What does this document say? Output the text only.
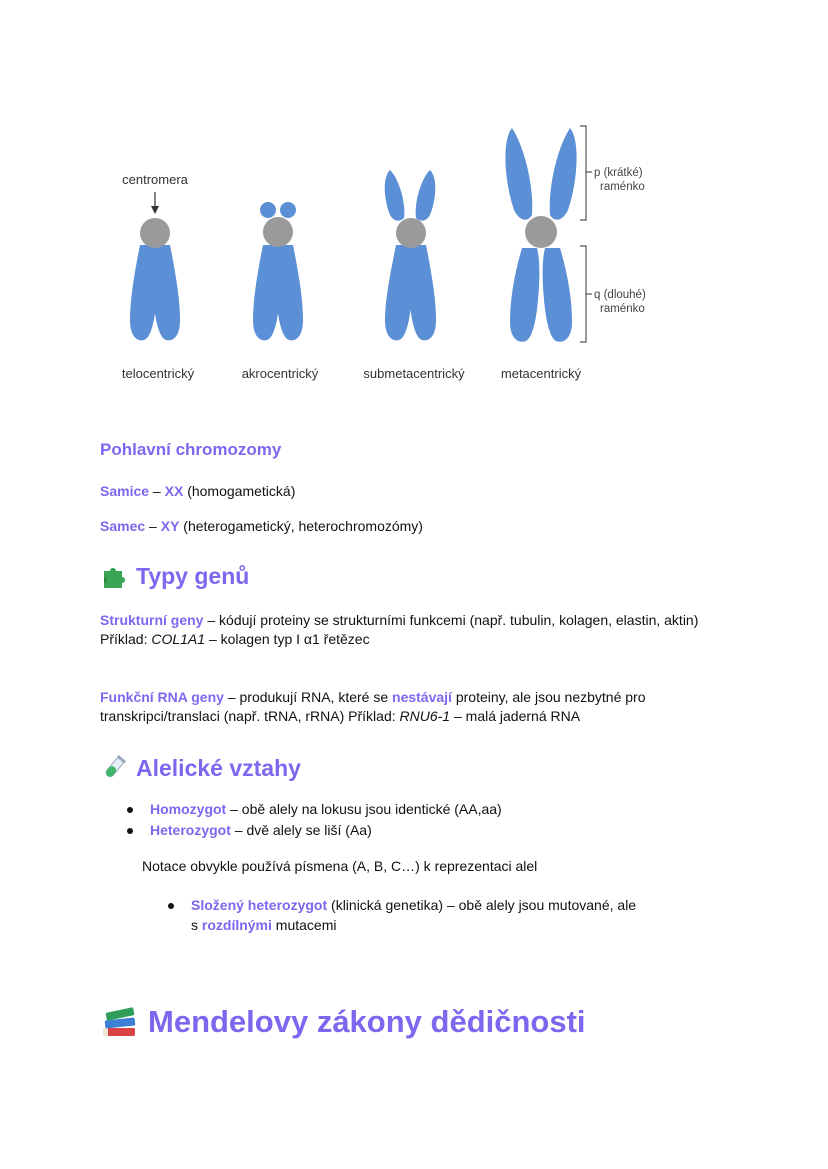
centromera	p (krátké)
raménko
q (dlouhé)
raménko
telocentrický	akrocentrický	submetacentrický	metacentrický
Pohlavní chromozomy

Samice – XX (homogametická)

Samec – XY (heterogametický, heterochromozómy)

Typy genů

Strukturní geny – kódují proteiny se strukturními funkcemi (např. tubulin, kolagen, elastin, aktin)
Příklad: COL1A1 – kolagen typ I α1 řetězec

Funkční RNA geny – produkují RNA, které se nestávají proteiny, ale jsou nezbytné pro transkripci/translaci (např. tRNA, rRNA) Příklad: RNU6-1 – malá jaderná RNA

Alelické vztahy
Homozygot – obě alely na lokusu jsou identické (AA,aa)
Heterozygot – dvě alely se liší (Aa)

Notace obvykle používá písmena (A, B, C…) k reprezentaci alel

Složený heterozygot (klinická genetika) – obě alely jsou mutované, ale
s rozdílnými mutacemi
Mendelovy zákony dědičnosti
